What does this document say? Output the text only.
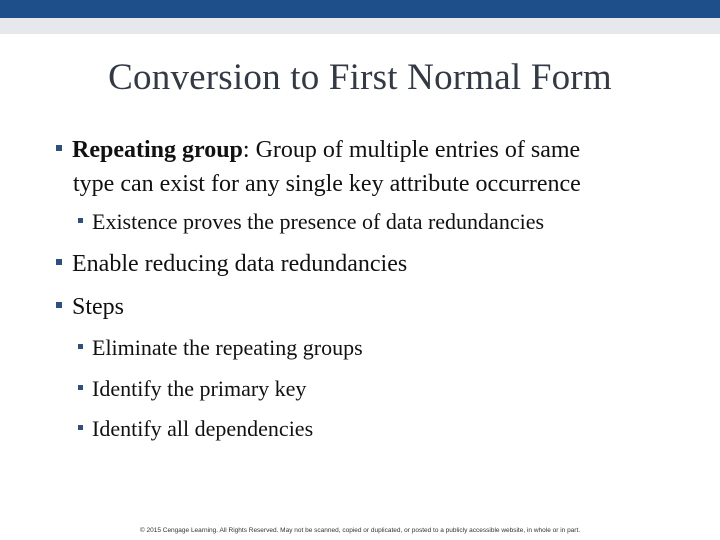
Conversion to First Normal Form
Repeating group: Group of multiple entries of same
type can exist for any single key attribute occurrence
Existence proves the presence of data redundancies
Enable reducing data redundancies
Steps
Eliminate the repeating groups
Identify the primary key
Identify all dependencies
© 2015 Cengage Learning. All Rights Reserved. May not be scanned, copied or duplicated, or posted to a publicly accessible website, in whole or in part.
